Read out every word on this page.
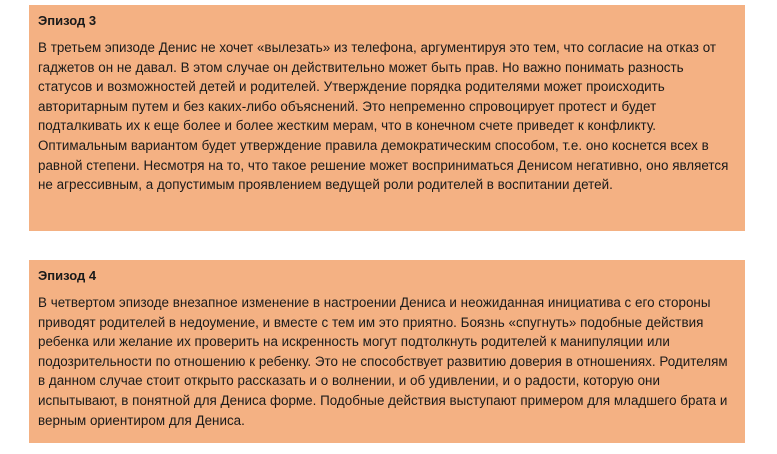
Эпизод 3

В третьем эпизоде Денис не хочет «вылезать» из телефона, аргументируя это тем, что согласие на отказ от гаджетов он не давал. В этом случае он действительно может быть прав. Но важно понимать разность статусов и возможностей детей и родителей. Утверждение порядка родителями может происходить авторитарным путем и без каких-либо объяснений. Это непременно спровоцирует протест и будет подталкивать их к еще более и более жестким мерам, что в конечном счете приведет к конфликту. Оптимальным вариантом будет утверждение правила демократическим способом, т.е. оно коснется всех в равной степени. Несмотря на то, что такое решение может восприниматься Денисом негативно, оно является не агрессивным, а допустимым проявлением ведущей роли родителей в воспитании детей.

Эпизод 4

В четвертом эпизоде внезапное изменение в настроении Дениса и неожиданная инициатива с его стороны приводят родителей в недоумение, и вместе с тем им это приятно. Боязнь «спугнуть» подобные действия ребенка или желание их проверить на искренность могут подтолкнуть родителей к манипуляции или подозрительности по отношению к ребенку. Это не способствует развитию доверия в отношениях. Родителям в данном случае стоит открыто рассказать и о волнении, и об удивлении, и о радости, которую они испытывают, в понятной для Дениса форме. Подобные действия выступают примером для младшего брата и верным ориентиром для Дениса.
